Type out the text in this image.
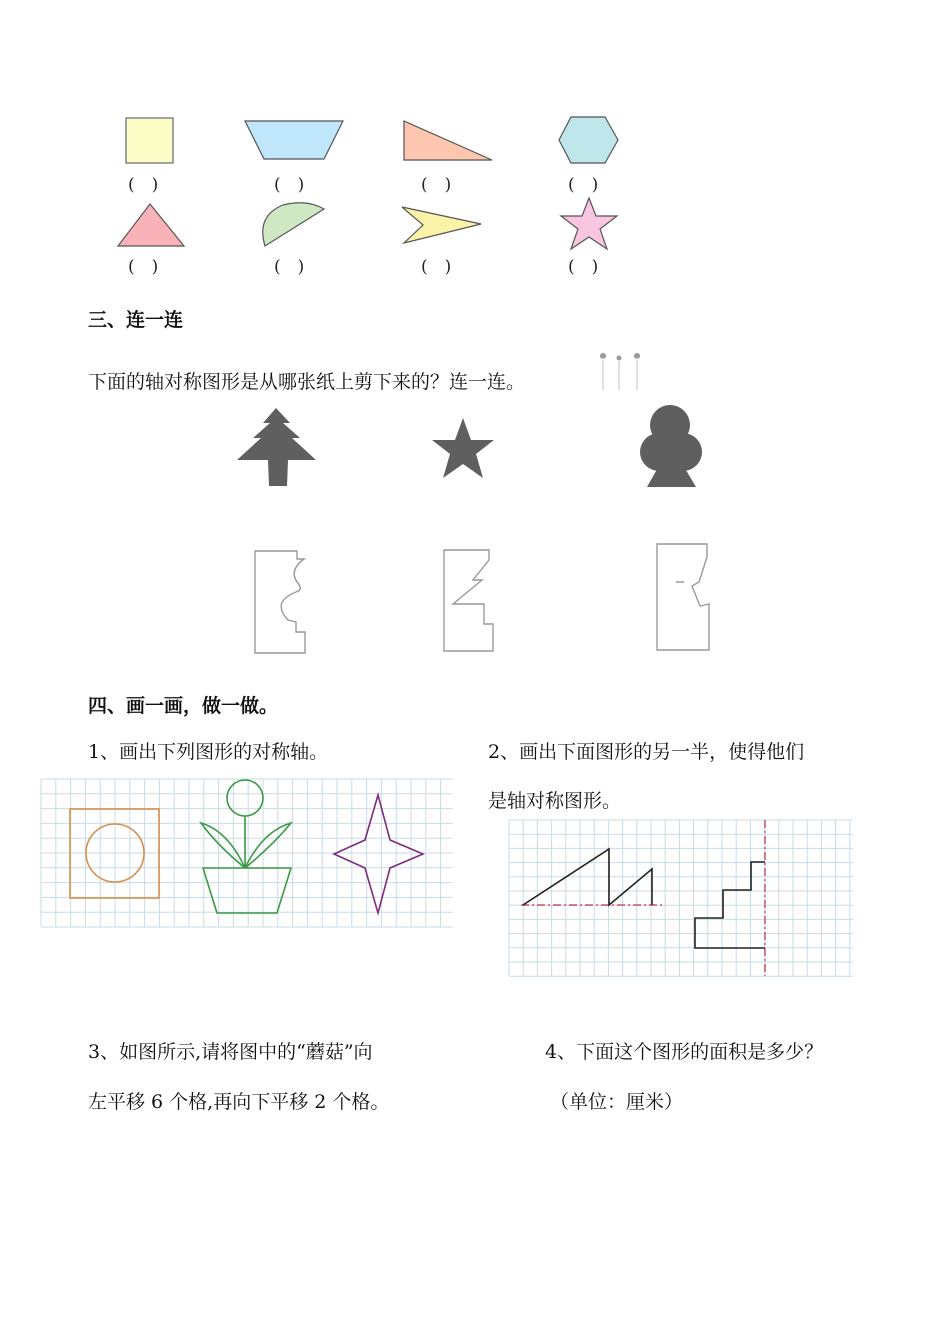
(　)	(　)	(　)	(　)
(　)	(　)	(　)	(　)
三、连一连
下面的轴对称图形是从哪张纸上剪下来的？连一连。
四、画一画，做一做。
1、画出下列图形的对称轴。	2、画出下面图形的另一半，使得他们
是轴对称图形。
3、如图所示,请将图中的“蘑菇”向
左平移 6 个格,再向下平移 2 个格。
4、下面这个图形的面积是多少？
（单位：厘米）
